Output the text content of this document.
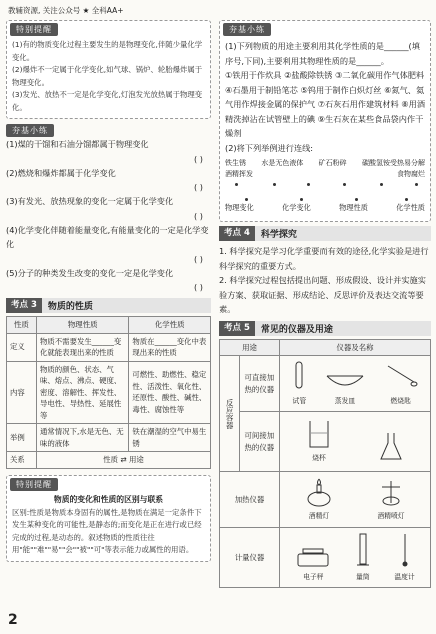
教辅资源, 关注公众号 ★ 全科AA+
特别提醒
(1)有的物质变化过程主要发生的是物理变化,伴随少量化学变化。
(2)爆炸不一定属于化学变化,如气球、锅炉、轮胎爆炸属于物理变化。
(3)发光、放热不一定是化学变化,灯泡发光放热属于物理变化。
夯基小练
(1)煤的干馏和石油分馏都属于物理变化
( )
(2)燃烧和爆炸都属于化学变化
( )
(3)有发光、放热现象的变化一定属于化学变化
( )
(4)化学变化伴随着能量变化,有能量变化的一定是化学变化
( )
(5)分子的种类发生改变的变化一定是化学变化
( )
考点 3	物质的性质
性质	物理性质	化学性质
定义	物质不需要发生______变化就能表现出来的性质	物质在______变化中表现出来的性质
内容	物质的颜色、状态、气味、熔点、沸点、硬度、密度、溶解性、挥发性、导电性、导热性、延展性等	可燃性、助燃性、稳定性、活泼性、氧化性、还原性、酸性、碱性、毒性、腐蚀性等
举例	通常情况下,水是无色、无味的液体	铁在潮湿的空气中易生锈
关系	性质 ⇄ 用途	
特别提醒
物质的变化和性质的区别与联系
区别:性质是物质本身固有的属性,是物质在满足一定条件下发生某种变化的可能性,是静态的;而变化是正在进行或已经完成的过程,是动态的。叙述物质的性质往往用"能""难""易""会""被""可"等表示能力或属性的用语。
夯基小练
(1)下列物质的用途主要利用其化学性质的是______(填序号,下同),主要利用其物理性质的是______。
①铁用于作炊具 ②盐酸除铁锈 ③二氧化碳用作气体肥料 ④石墨用于制铅笔芯 ⑤钨用于制作白炽灯丝 ⑥氮气、氦气用作焊接金属的保护气 ⑦石灰石用作建筑材料 ⑧用酒精洗掉沾在试管壁上的碘 ⑨生石灰在某些食品袋内作干燥剂
(2)将下列举例进行连线:
铁生锈 水是无色液体 矿石粉碎 碳酸氢铵受热易分解
酒精挥发	食物腐烂
物理变化	化学变化	物理性质	化学性质
考点 4	科学探究
1. 科学探究是学习化学重要而有效的途径,化学实验是进行科学探究的重要方式。
2. 科学探究过程包括提出问题、形成假设、设计并实施实验方案、获取证据、形成结论、反思评价及表达交流等要素。
考点 5	常见的仪器及用途
用途		仪器及名称
反应容器	可直接加热的仪器	试管 蒸发皿 燃烧匙

	可间接加热的仪器	烧杯

加热仪器		酒精灯 酒精喷灯

计量仪器		电子秤 量筒 温度计
2
